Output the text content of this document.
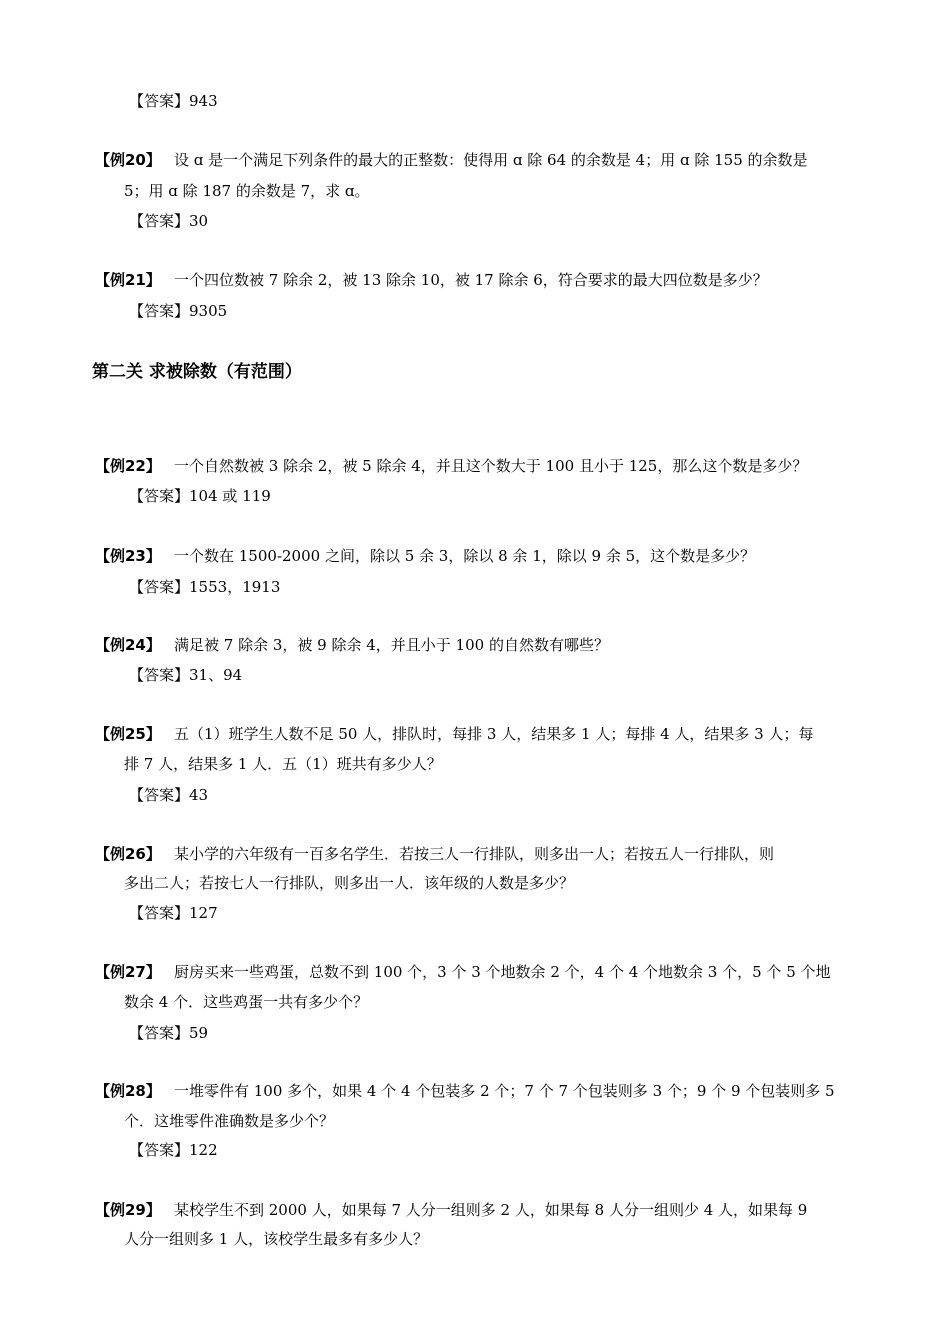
【答案】943
【例20】 设 ɑ 是一个满足下列条件的最大的正整数：使得用 ɑ 除 64 的余数是 4；用 ɑ 除 155 的余数是
5；用 ɑ 除 187 的余数是 7，求 ɑ。
【答案】30
【例21】 一个四位数被 7 除余 2，被 13 除余 10，被 17 除余 6，符合要求的最大四位数是多少？
【答案】9305
第二关 求被除数（有范围）
【例22】 一个自然数被 3 除余 2，被 5 除余 4，并且这个数大于 100 且小于 125，那么这个数是多少？
【答案】104 或 119
【例23】 一个数在 1500-2000 之间，除以 5 余 3，除以 8 余 1，除以 9 余 5，这个数是多少？
【答案】1553，1913
【例24】 满足被 7 除余 3，被 9 除余 4，并且小于 100 的自然数有哪些？
【答案】31、94
【例25】 五（1）班学生人数不足 50 人，排队时，每排 3 人，结果多 1 人；每排 4 人，结果多 3 人；每
排 7 人，结果多 1 人．五（1）班共有多少人？
【答案】43
【例26】 某小学的六年级有一百多名学生．若按三人一行排队，则多出一人；若按五人一行排队，则
多出二人；若按七人一行排队，则多出一人．该年级的人数是多少？
【答案】127
【例27】 厨房买来一些鸡蛋，总数不到 100 个，3 个 3 个地数余 2 个，4 个 4 个地数余 3 个，5 个 5 个地
数余 4 个．这些鸡蛋一共有多少个？
【答案】59
【例28】 一堆零件有 100 多个，如果 4 个 4 个包装多 2 个；7 个 7 个包装则多 3 个；9 个 9 个包装则多 5
个．这堆零件准确数是多少个？
【答案】122
【例29】 某校学生不到 2000 人，如果每 7 人分一组则多 2 人，如果每 8 人分一组则少 4 人，如果每 9
人分一组则多 1 人，该校学生最多有多少人？
